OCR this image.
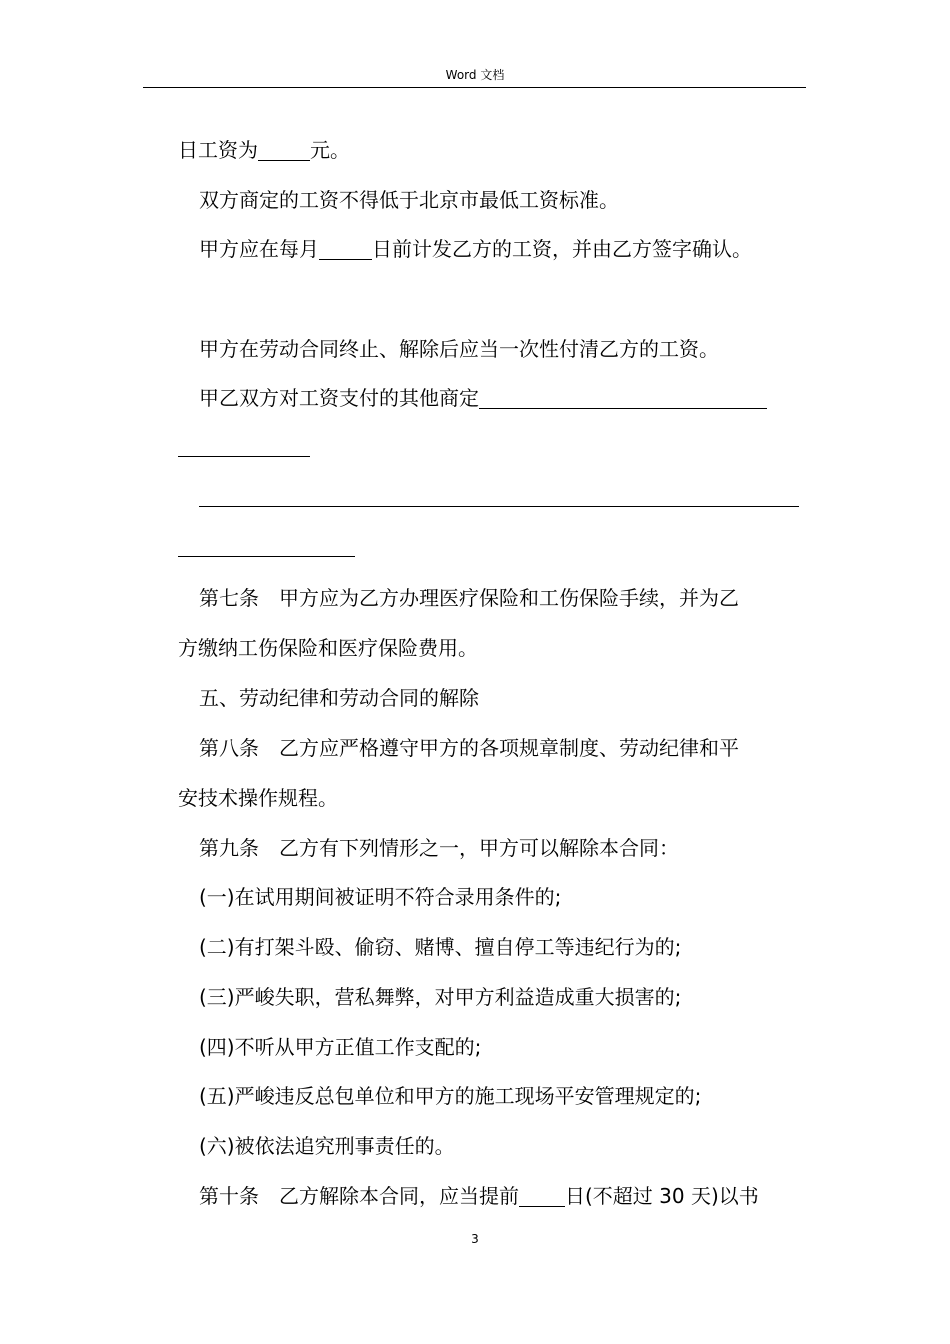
Word 文档
日工资为	元。
双方商定的工资不得低于北京市最低工资标准。
甲方应在每月	日前计发乙方的工资，并由乙方签字确认。
甲方在劳动合同终止、解除后应当一次性付清乙方的工资。
甲乙双方对工资支付的其他商定
第七条　甲方应为乙方办理医疗保险和工伤保险手续，并为乙
方缴纳工伤保险和医疗保险费用。
五、劳动纪律和劳动合同的解除
第八条　乙方应严格遵守甲方的各项规章制度、劳动纪律和平
安技术操作规程。
第九条　乙方有下列情形之一，甲方可以解除本合同：
(一)在试用期间被证明不符合录用条件的;
(二)有打架斗殴、偷窃、赌博、擅自停工等违纪行为的;
(三)严峻失职，营私舞弊，对甲方利益造成重大损害的;
(四)不听从甲方正值工作支配的;
(五)严峻违反总包单位和甲方的施工现场平安管理规定的;
(六)被依法追究刑事责任的。
第十条　乙方解除本合同，应当提前 日(不超过 30 天)以书
3
